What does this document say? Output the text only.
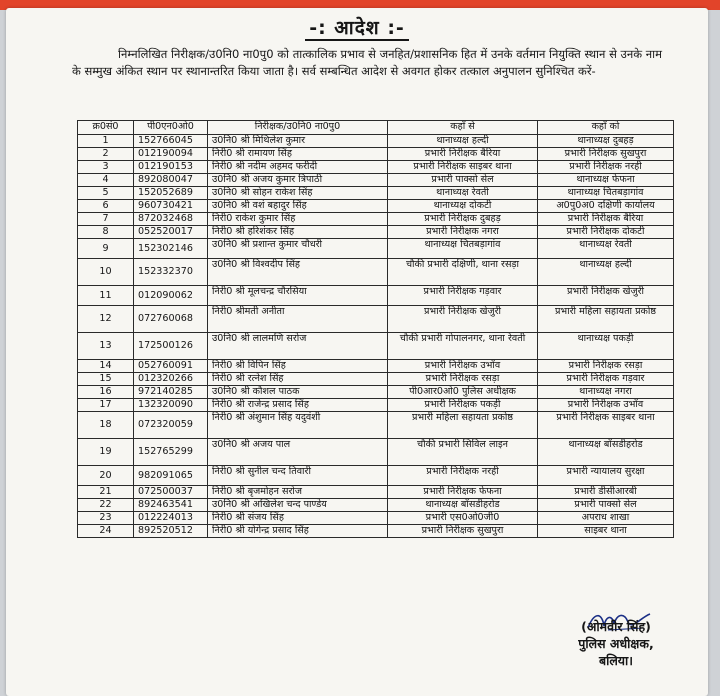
-: आदेश :-
निम्नलिखित निरीक्षक/उ0नि0 ना0पु0 को तात्कालिक प्रभाव से जनहित/प्रशासनिक हित में उनके वर्तमान नियुक्ति स्थान से उनके नाम के सम्मुख अंकित स्थान पर स्थानान्तरित किया जाता है। सर्व सम्बन्धित आदेश से अवगत होकर तत्काल अनुपालन सुनिश्चित करें-
क्र0सं0	पी0एन0ओ0	निरीक्षक/उ0नि0 ना0पु0	कहाँ से	कहाँ को
1	152766045	उ0नि0 श्री मिथिलेश कुमार	थानाध्यक्ष हल्दी	थानाध्यक्ष दुबहड़
2	012190094	निरी0 श्री रामायण सिंह	प्रभारी निरीक्षक बैरिया	प्रभारी निरीक्षक सुखपुरा
3	012190153	निरी0 श्री नदीम अहमद फरीदी	प्रभारी निरीक्षक साइबर थाना	प्रभारी निरीक्षक नरही
4	892080047	उ0नि0 श्री अजय कुमार त्रिपाठी	प्रभारी पाक्सो सेल	थानाध्यक्ष फेफना
5	152052689	उ0नि0 श्री सोहन राकेश सिंह	थानाध्यक्ष रेवती	थानाध्यक्ष चितबड़ागांव
6	960730421	उ0नि0 श्री वशं बहादुर सिंह	थानाध्यक्ष दोकटी	अ0पु0अ0 दक्षिणी कार्यालय
7	872032468	निरी0 राकेश कुमार सिंह	प्रभारी निरीक्षक दुबहड़	प्रभारी निरीक्षक बैरिया
8	052520017	निरी0 श्री हरिशंकर सिंह	प्रभारी निरीक्षक नगरा	प्रभारी निरीक्षक दोकटी
9	152302146	उ0नि0 श्री प्रशान्त कुमार चौधरी	थानाध्यक्ष चितबड़ागांव	थानाध्यक्ष रेवती
10	152332370	उ0नि0 श्री विश्वदीप सिंह	चौकी प्रभारी दक्षिणी, थाना रसड़ा	थानाध्यक्ष हल्दी
11	012090062	निरी0 श्री मूलचन्द्र चौरसिया	प्रभारी निरीक्षक गड़वार	प्रभारी निरीक्षक खेजुरी
12	072760068	निरी0 श्रीमती अनीता	प्रभारी निरीक्षक खेजुरी	प्रभारी महिला सहायता प्रकोष्ठ
13	172500126	उ0नि0 श्री लालमणि सरोज	चौकी प्रभारी गोपालनगर, थाना रेवती	थानाध्यक्ष पकड़ी
14	052760091	निरी0 श्री विपिन सिंह	प्रभारी निरीक्षक उभॉव	प्रभारी निरीक्षक रसड़ा
15	012320266	निरी0 श्री रत्नेश सिंह	प्रभारी निरीक्षक रसड़ा	प्रभारी निरीक्षक गड़वार
16	972140285	उ0नि0 श्री कौशल पाठक	पी0आर0ओ0 पुलिस अधीक्षक	थानाध्यक्ष नगरा
17	132320090	निरी0 श्री राजेन्द्र प्रसाद सिंह	प्रभारी निरीक्षक पकड़ी	प्रभारी निरीक्षक उभॉव
18	072320059	निरी0 श्री अंशुमान सिंह यदुवंशी	प्रभारी महिला सहायता प्रकोष्ठ	प्रभारी निरीक्षक साइबर थाना
19	152765299	उ0नि0 श्री अजय पाल	चौकी प्रभारी सिविल लाइन	थानाध्यक्ष बॉसडीहरोड
20	982091065	निरी0 श्री सुनील चन्द तिवारी	प्रभारी निरीक्षक नरही	प्रभारी न्यायालय सुरक्षा
21	072500037	निरी0 श्री बृजमोहन सरोज	प्रभारी निरीक्षक फेफना	प्रभारी डीसीआरबी
22	892463541	उ0नि0 श्री अखिलेश चन्द पाण्डेय	थानाध्यक्ष बॉसडीहरोड	प्रभारी पाक्सो सेल
23	012224013	निरी0 श्री संजय सिंह	प्रभारी एस0ओ0जी0	अपराध शाखा
24	892520512	निरी0 श्री योगेन्द्र प्रसाद सिंह	प्रभारी निरीक्षक सुखपुरा	साइबर थाना
(ओमवीर सिंह)
पुलिस अधीक्षक,
बलिया।
